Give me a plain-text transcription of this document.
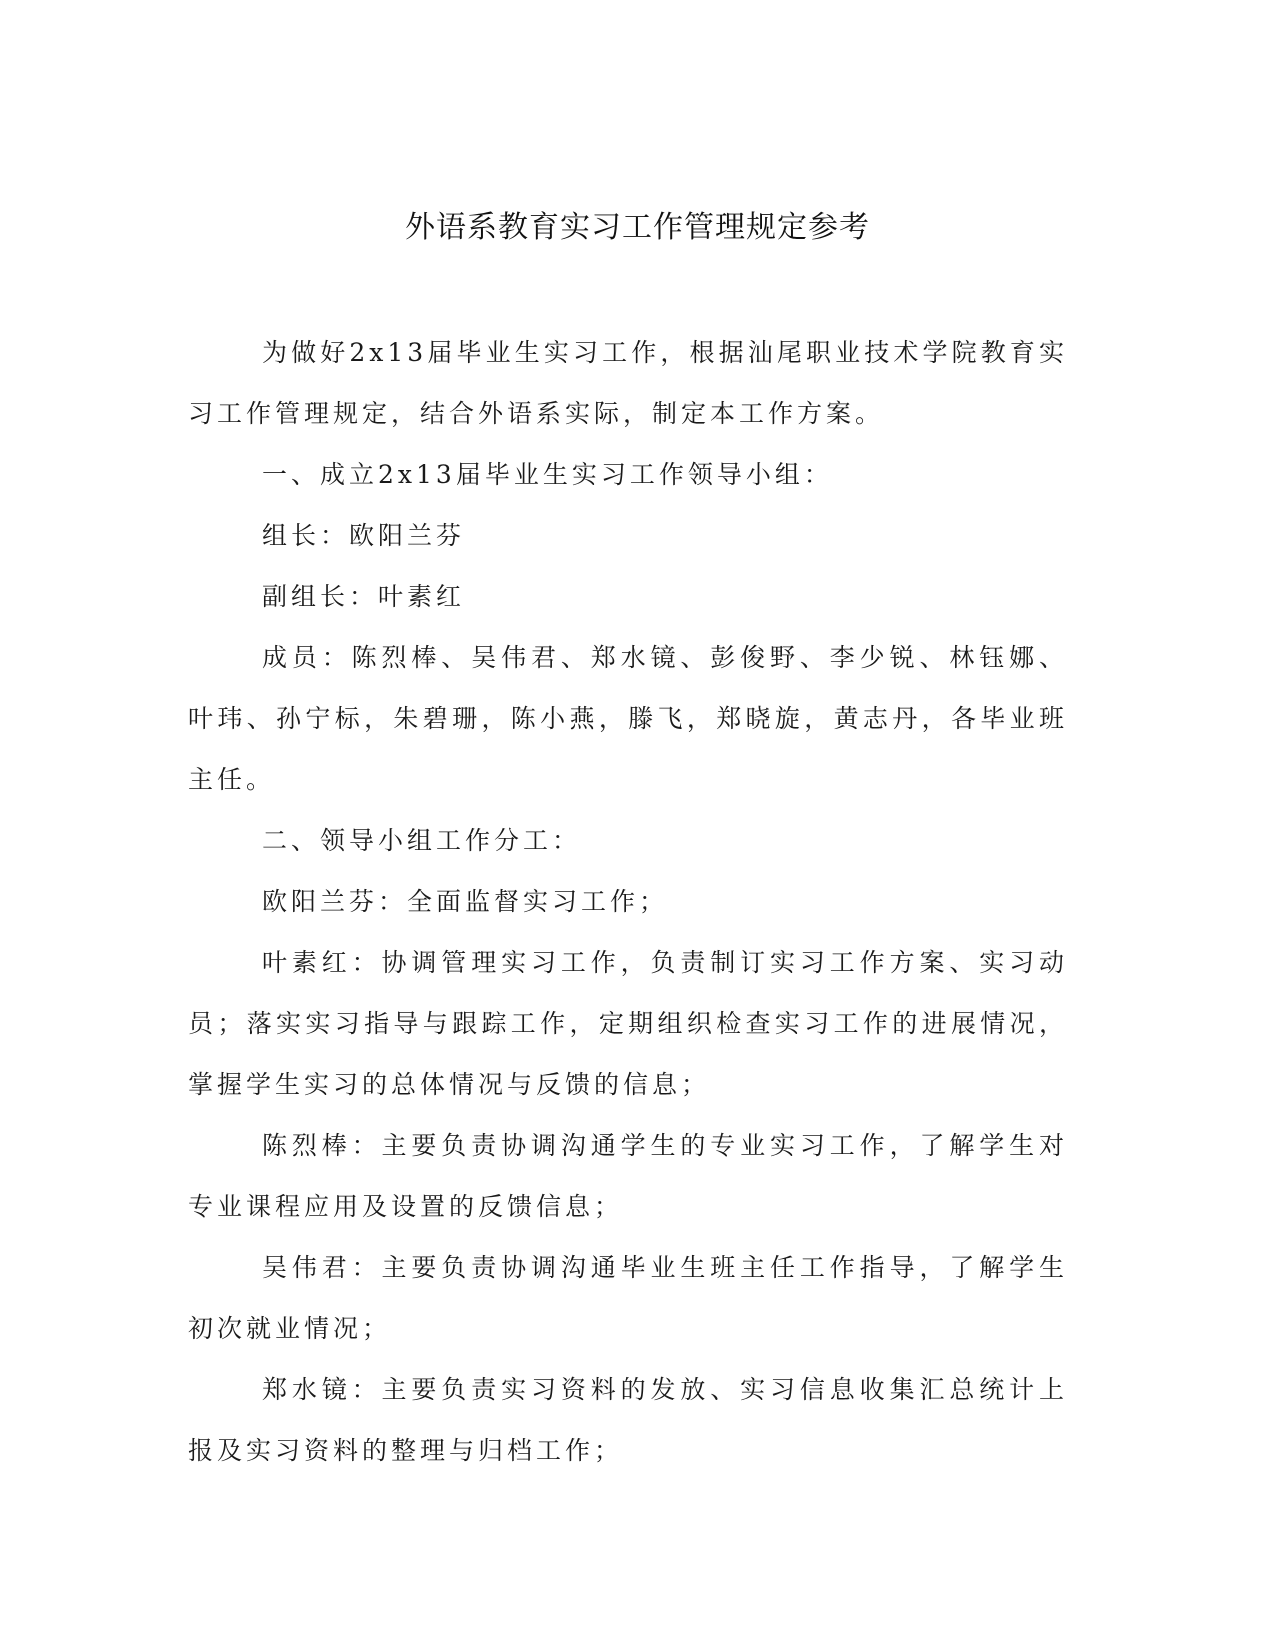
外语系教育实习工作管理规定参考

为做好2x13届毕业生实习工作，根据汕尾职业技术学院教育实习工作管理规定，结合外语系实际，制定本工作方案。

一、成立2x13届毕业生实习工作领导小组：

组长：欧阳兰芬

副组长：叶素红

成员：陈烈棒、吴伟君、郑水镜、彭俊野、李少锐、林钰娜、叶玮、孙宁标，朱碧珊，陈小燕，滕飞，郑晓旋，黄志丹，各毕业班主任。

二、领导小组工作分工：

欧阳兰芬：全面监督实习工作；

叶素红：协调管理实习工作，负责制订实习工作方案、实习动员；落实实习指导与跟踪工作，定期组织检查实习工作的进展情况，掌握学生实习的总体情况与反馈的信息；

陈烈棒：主要负责协调沟通学生的专业实习工作，了解学生对专业课程应用及设置的反馈信息；

吴伟君：主要负责协调沟通毕业生班主任工作指导，了解学生初次就业情况；

郑水镜：主要负责实习资料的发放、实习信息收集汇总统计上报及实习资料的整理与归档工作；
